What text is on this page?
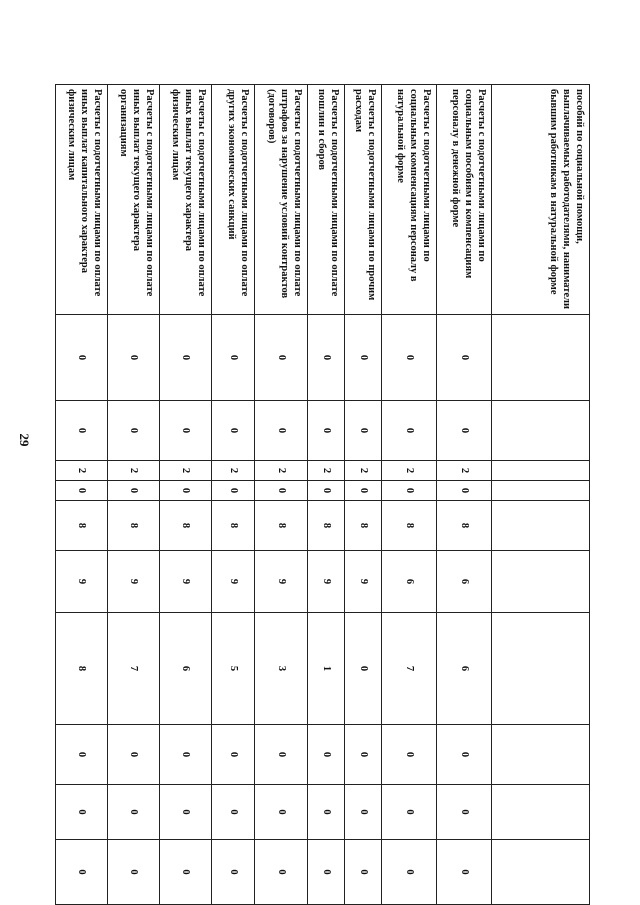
29
пособий по социальной помощи, выплачиваемых работодателями, наниматели бывшим работникам в натуральной форме										
Расчеты с подотчетными лицами по социальным пособиям и компенсациям персоналу в денежной форме	0	0	2	0	8	6	6	0	0	0
Расчеты с подотчетными лицами по социальным компенсациям персоналу в натуральной форме	0	0	2	0	8	6	7	0	0	0
Расчеты с подотчетными лицами по прочим расходам	0	0	2	0	8	9	0	0	0	0
Расчеты с подотчетными лицами по оплате пошлин и сборов	0	0	2	0	8	9	1	0	0	0
Расчеты с подотчетными лицами по оплате штрафов за нарушение условий контрактов (договоров)	0	0	2	0	8	9	3	0	0	0
Расчеты с подотчетными лицами по оплате других экономических санкций	0	0	2	0	8	9	5	0	0	0
Расчеты с подотчетными лицами по оплате иных выплат текущего характера физическим лицам	0	0	2	0	8	9	6	0	0	0
Расчеты с подотчетными лицами по оплате иных выплат текущего характера организациям	0	0	2	0	8	9	7	0	0	0
Расчеты с подотчетными лицами по оплате иных выплат капитального характера физическим лицам	0	0	2	0	8	9	8	0	0	0
